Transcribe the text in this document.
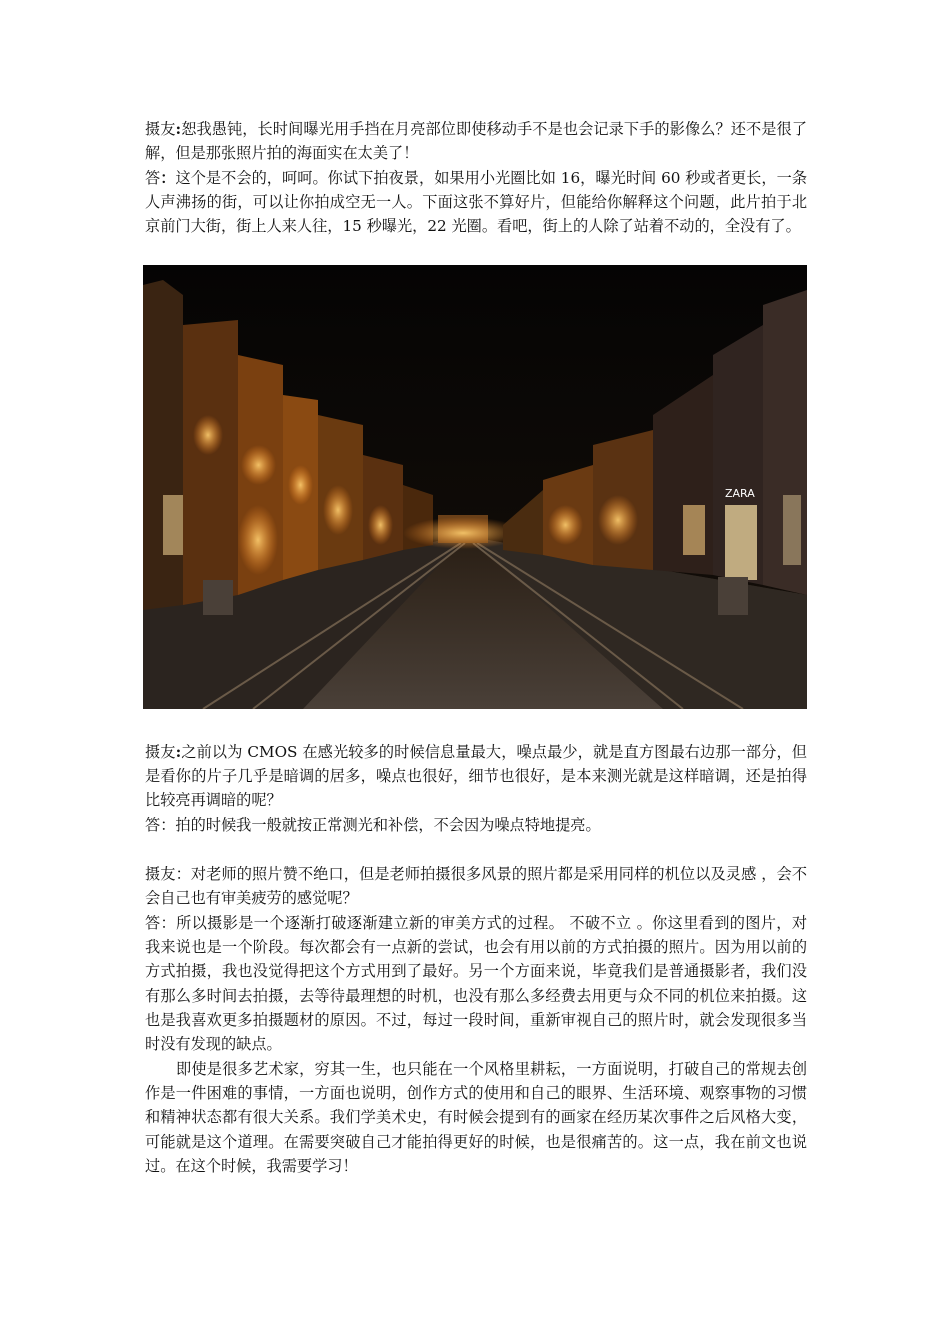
摄友:恕我愚钝，长时间曝光用手挡在月亮部位即使移动手不是也会记录下手的影像么？还不是很了解，但是那张照片拍的海面实在太美了！

答：这个是不会的，呵呵。你试下拍夜景，如果用小光圈比如 16，曝光时间 60 秒或者更长，一条人声沸扬的街，可以让你拍成空无一人。下面这张不算好片，但能给你解释这个问题，此片拍于北京前门大街，街上人来人往，15 秒曝光，22 光圈。看吧，街上的人除了站着不动的，全没有了。

ZARA

摄友:之前以为 CMOS 在感光较多的时候信息量最大，噪点最少，就是直方图最右边那一部分，但是看你的片子几乎是暗调的居多，噪点也很好，细节也很好，是本来测光就是这样暗调，还是拍得比较亮再调暗的呢？

答：拍的时候我一般就按正常测光和补偿，不会因为噪点特地提亮。

摄友：对老师的照片赞不绝口，但是老师拍摄很多风景的照片都是采用同样的机位以及灵感 ，会不会自己也有审美疲劳的感觉呢？

答：所以摄影是一个逐渐打破逐渐建立新的审美方式的过程。 不破不立 。你这里看到的图片，对我来说也是一个阶段。每次都会有一点新的尝试，也会有用以前的方式拍摄的照片。因为用以前的方式拍摄，我也没觉得把这个方式用到了最好。另一个方面来说，毕竟我们是普通摄影者，我们没有那么多时间去拍摄，去等待最理想的时机，也没有那么多经费去用更与众不同的机位来拍摄。这也是我喜欢更多拍摄题材的原因。不过，每过一段时间，重新审视自己的照片时，就会发现很多当时没有发现的缺点。

即使是很多艺术家，穷其一生，也只能在一个风格里耕耘，一方面说明，打破自己的常规去创作是一件困难的事情，一方面也说明，创作方式的使用和自己的眼界、生活环境、观察事物的习惯和精神状态都有很大关系。我们学美术史，有时候会提到有的画家在经历某次事件之后风格大变，可能就是这个道理。在需要突破自己才能拍得更好的时候，也是很痛苦的。这一点，我在前文也说过。在这个时候，我需要学习！
